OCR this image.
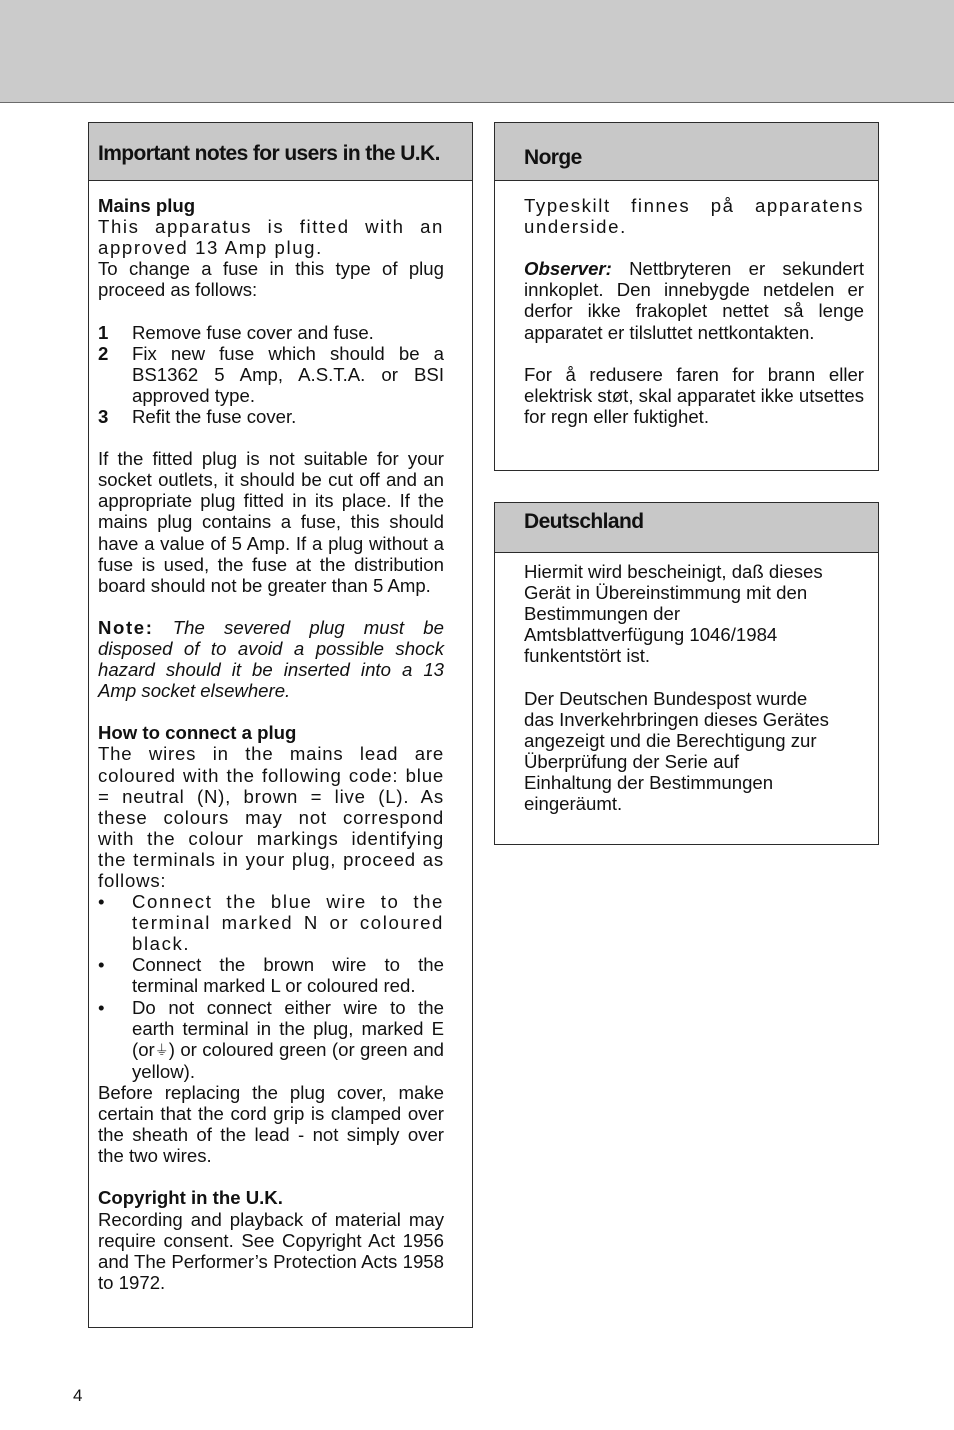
Important notes for users in the U.K.
Mains plug
This apparatus is fitted with an approved 13 Amp plug.
To change a fuse in this type of plug proceed as follows:
1	Remove fuse cover and fuse.
2	Fix new fuse which should be a BS1362 5 Amp, A.S.T.A. or BSI approved type.
3	Refit the fuse cover.
If the fitted plug is not suitable for your socket outlets, it should be cut off and an appropriate plug fitted in its place. If the mains plug contains a fuse, this should have a value of 5 Amp. If a plug without a fuse is used, the fuse at the distribution board should not be greater than 5 Amp.
Note: The severed plug must be disposed of to avoid a possible shock hazard should it be inserted into a 13 Amp socket elsewhere.
How to connect a plug
The wires in the mains lead are coloured with the following code: blue = neutral (N), brown = live (L). As these colours may not correspond with the colour markings identifying the terminals in your plug, proceed as follows:
•	Connect the blue wire to the terminal marked N or coloured black.
•	Connect the brown wire to the terminal marked L or coloured red.
•	Do not connect either wire to the earth terminal in the plug, marked E (or⏚) or coloured green (or green and yellow).
Before replacing the plug cover, make certain that the cord grip is clamped over the sheath of the lead - not simply over the two wires.
Copyright in the U.K.
Recording and playback of material may require consent. See Copyright Act 1956 and The Performer’s Protection Acts 1958 to 1972.
Norge
Typeskilt finnes på apparatens underside.
Observer: Nettbryteren er sekundert innkoplet. Den innebygde netdelen er derfor ikke frakoplet nettet så lenge apparatet er tilsluttet nettkontakten.
For å redusere faren for brann eller elektrisk støt, skal apparatet ikke utsettes for regn eller fuktighet.
Deutschland
Hiermit wird bescheinigt, daß dieses
Gerät in Übereinstimmung mit den
Bestimmungen der
Amtsblattverfügung 1046/1984
funkentstört ist.
Der Deutschen Bundespost wurde
das Inverkehrbringen dieses Gerätes
angezeigt und die Berechtigung zur
Überprüfung der Serie auf
Einhaltung der Bestimmungen
eingeräumt.
4
